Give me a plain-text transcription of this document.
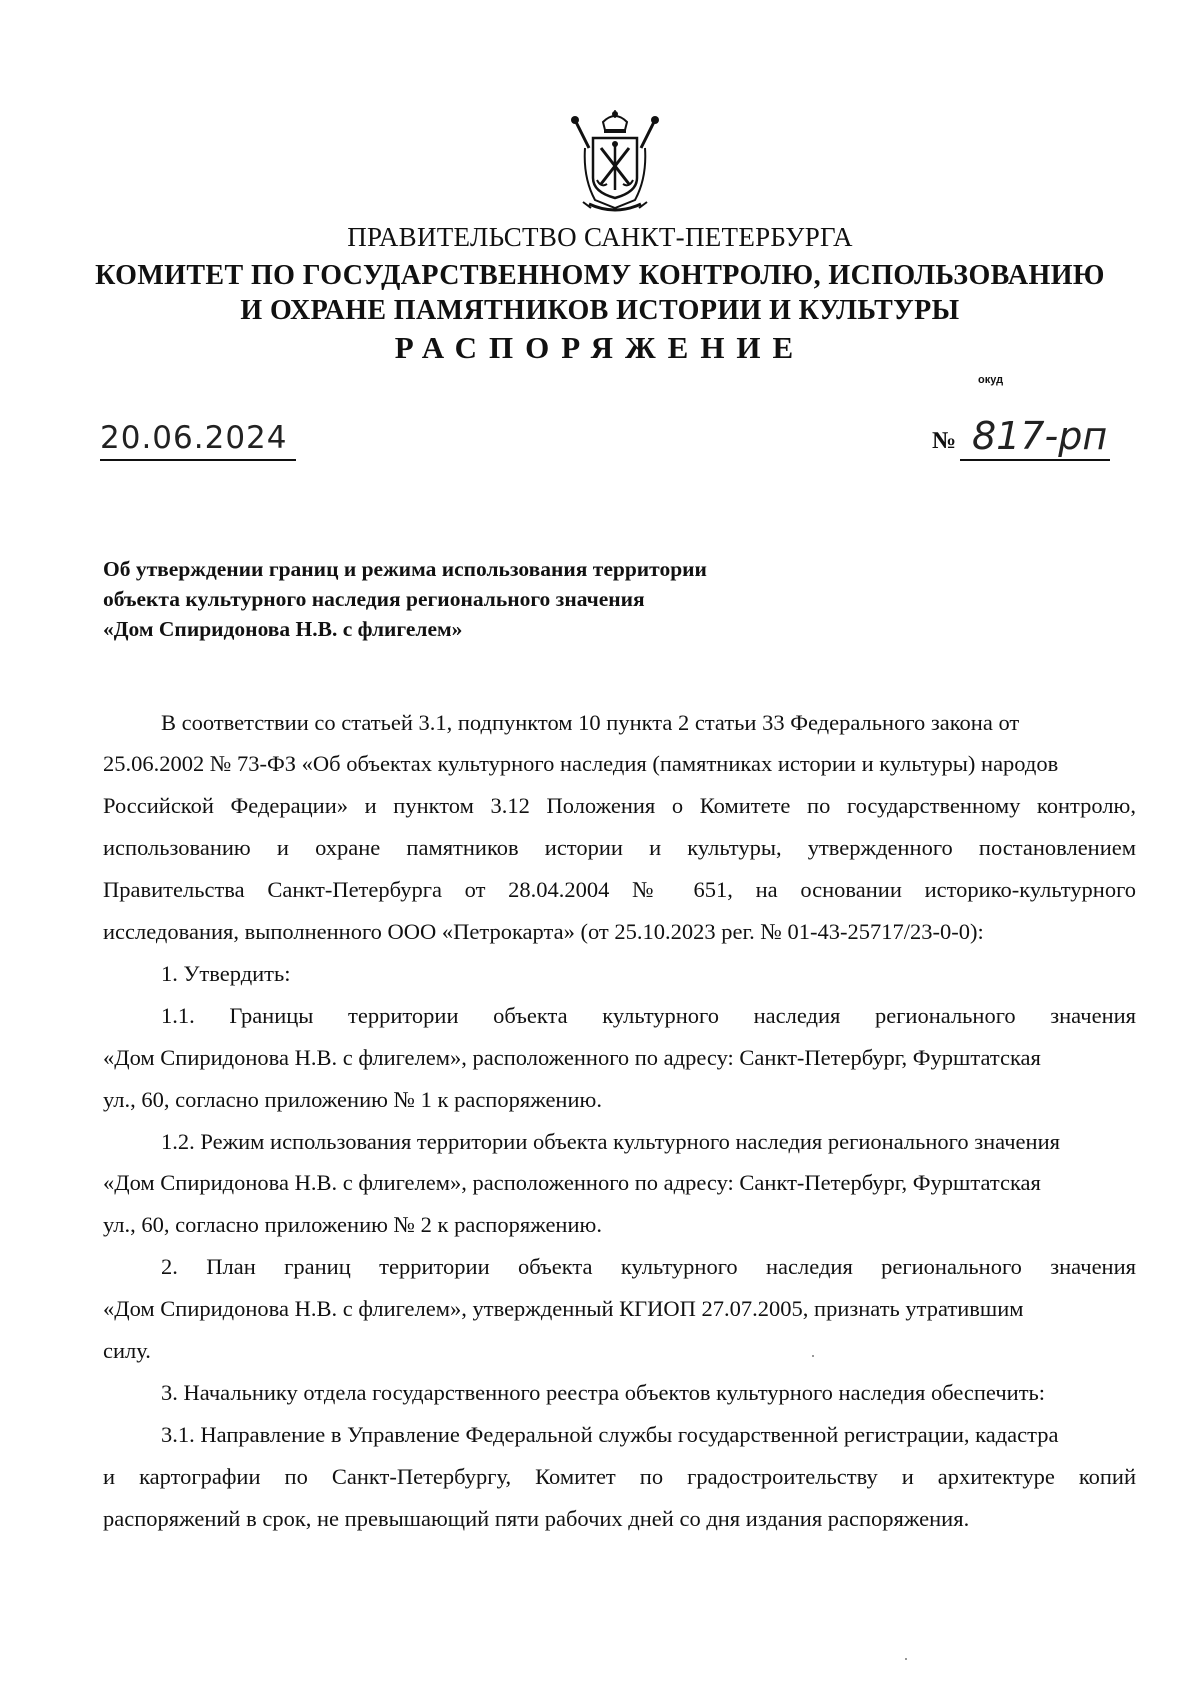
ПРАВИТЕЛЬСТВО САНКТ-ПЕТЕРБУРГА
КОМИТЕТ ПО ГОСУДАРСТВЕННОМУ КОНТРОЛЮ, ИСПОЛЬЗОВАНИЮ
И ОХРАНЕ ПАМЯТНИКОВ ИСТОРИИ И КУЛЬТУРЫ
РАСПОРЯЖЕНИЕ
окуд
20.06.2024	№ 817-рп
Об утверждении границ и режима использования территории
объекта культурного наследия регионального значения
«Дом Спиридонова Н.В. с флигелем»
В соответствии со статьей 3.1, подпунктом 10 пункта 2 статьи 33 Федерального закона от
25.06.2002 № 73-ФЗ «Об объектах культурного наследия (памятниках истории и культуры) народов
Российской Федерации» и пунктом 3.12 Положения о Комитете по государственному контролю,
использованию и охране памятников истории и культуры, утвержденного постановлением
Правительства Санкт-Петербурга от 28.04.2004 № 651, на основании историко-культурного
исследования, выполненного ООО «Петрокарта» (от 25.10.2023 рег. № 01-43-25717/23-0-0):
1. Утвердить:
1.1. Границы территории объекта культурного наследия регионального значения
«Дом Спиридонова Н.В. с флигелем», расположенного по адресу: Санкт-Петербург, Фурштатская
ул., 60, согласно приложению № 1 к распоряжению.
1.2. Режим использования территории объекта культурного наследия регионального значения
«Дом Спиридонова Н.В. с флигелем», расположенного по адресу: Санкт-Петербург, Фурштатская
ул., 60, согласно приложению № 2 к распоряжению.
2. План границ территории объекта культурного наследия регионального значения
«Дом Спиридонова Н.В. с флигелем», утвержденный КГИОП 27.07.2005, признать утратившим
силу.
3. Начальнику отдела государственного реестра объектов культурного наследия обеспечить:
3.1. Направление в Управление Федеральной службы государственной регистрации, кадастра
и картографии по Санкт-Петербургу, Комитет по градостроительству и архитектуре копий
распоряжений в срок, не превышающий пяти рабочих дней со дня издания распоряжения.
